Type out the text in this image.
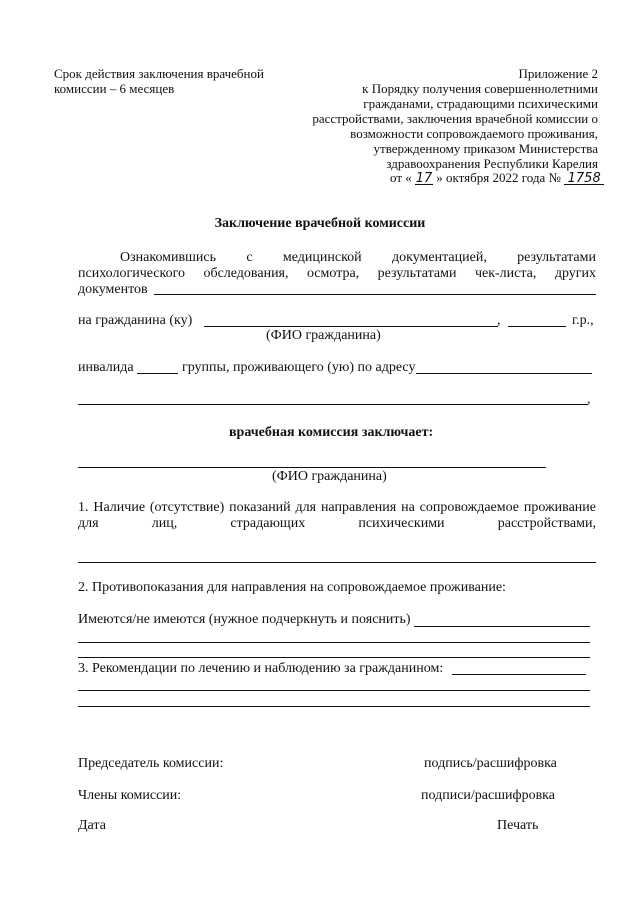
Срок действия заключения врачебной
комиссии – 6 месяцев
Приложение 2
к Порядку получения совершеннолетними
гражданами, страдающими психическими
расстройствами, заключения врачебной комиссии о
возможности сопровождаемого проживания,
утвержденному приказом Министерства
здравоохранения Республики Карелия
от « 17 » октября 2022 года № 1758
Заключение врачебной комиссии
Ознакомившись с медицинской документацией, результатами
психологического обследования, осмотра, результатами чек-листа, других
документов
на гражданина (ку)	,	г.р.,
(ФИО гражданина)
инвалида	группы, проживающего (ую) по адресу
,
врачебная комиссия заключает:
(ФИО гражданина)
1. Наличие (отсутствие) показаний для направления на сопровождаемое проживание
для лиц, страдающих психическими расстройствами,
2. Противопоказания для направления на сопровождаемое проживание:
Имеются/не имеются (нужное подчеркнуть и пояснить)
3. Рекомендации по лечению и наблюдению за гражданином:
Председатель комиссии:	подпись/расшифровка
Члены комиссии:	подписи/расшифровка
Дата	Печать
